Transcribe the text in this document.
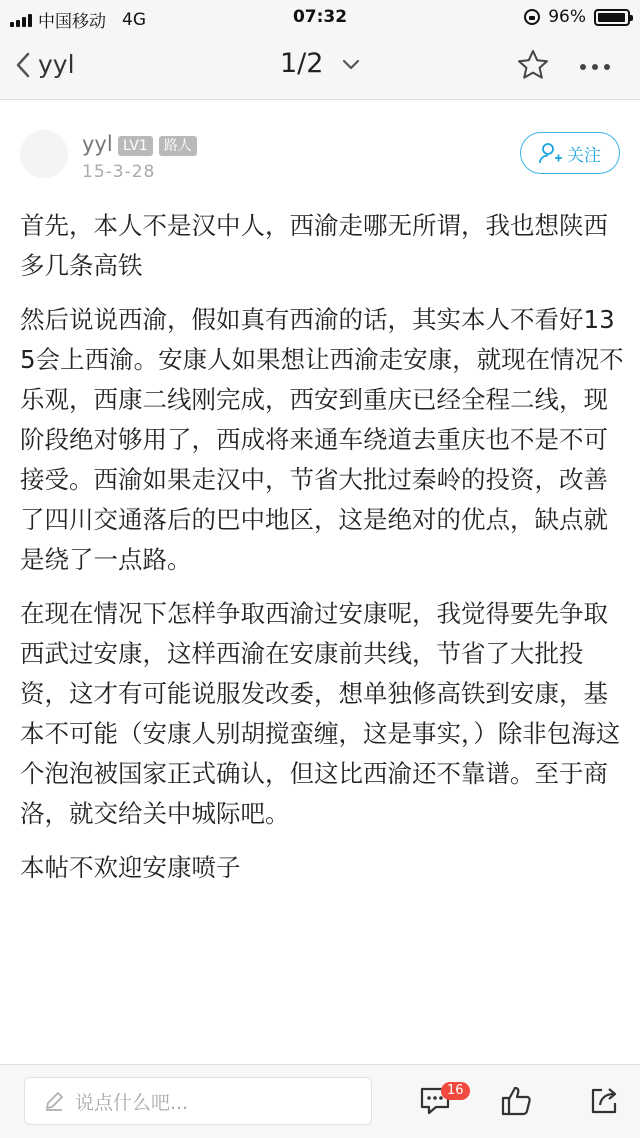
中国移动 4G	07:32	96%
yyl	1/2
yyl LV1	路人
15-3-28
关注

首先，本人不是汉中人，西渝走哪无所谓，我也想陕西多几条高铁

然后说说西渝，假如真有西渝的话，其实本人不看好135会上西渝。安康人如果想让西渝走安康，就现在情况不乐观，西康二线刚完成，西安到重庆已经全程二线，现阶段绝对够用了，西成将来通车绕道去重庆也不是不可接受。西渝如果走汉中，节省大批过秦岭的投资，改善了四川交通落后的巴中地区，这是绝对的优点，缺点就是绕了一点路。

在现在情况下怎样争取西渝过安康呢，我觉得要先争取西武过安康，这样西渝在安康前共线，节省了大批投资，这才有可能说服发改委，想单独修高铁到安康，基本不可能（安康人别胡搅蛮缠，这是事实，）除非包海这个泡泡被国家正式确认，但这比西渝还不靠谱。至于商洛，就交给关中城际吧。

本帖不欢迎安康喷子

说点什么吧...
16
